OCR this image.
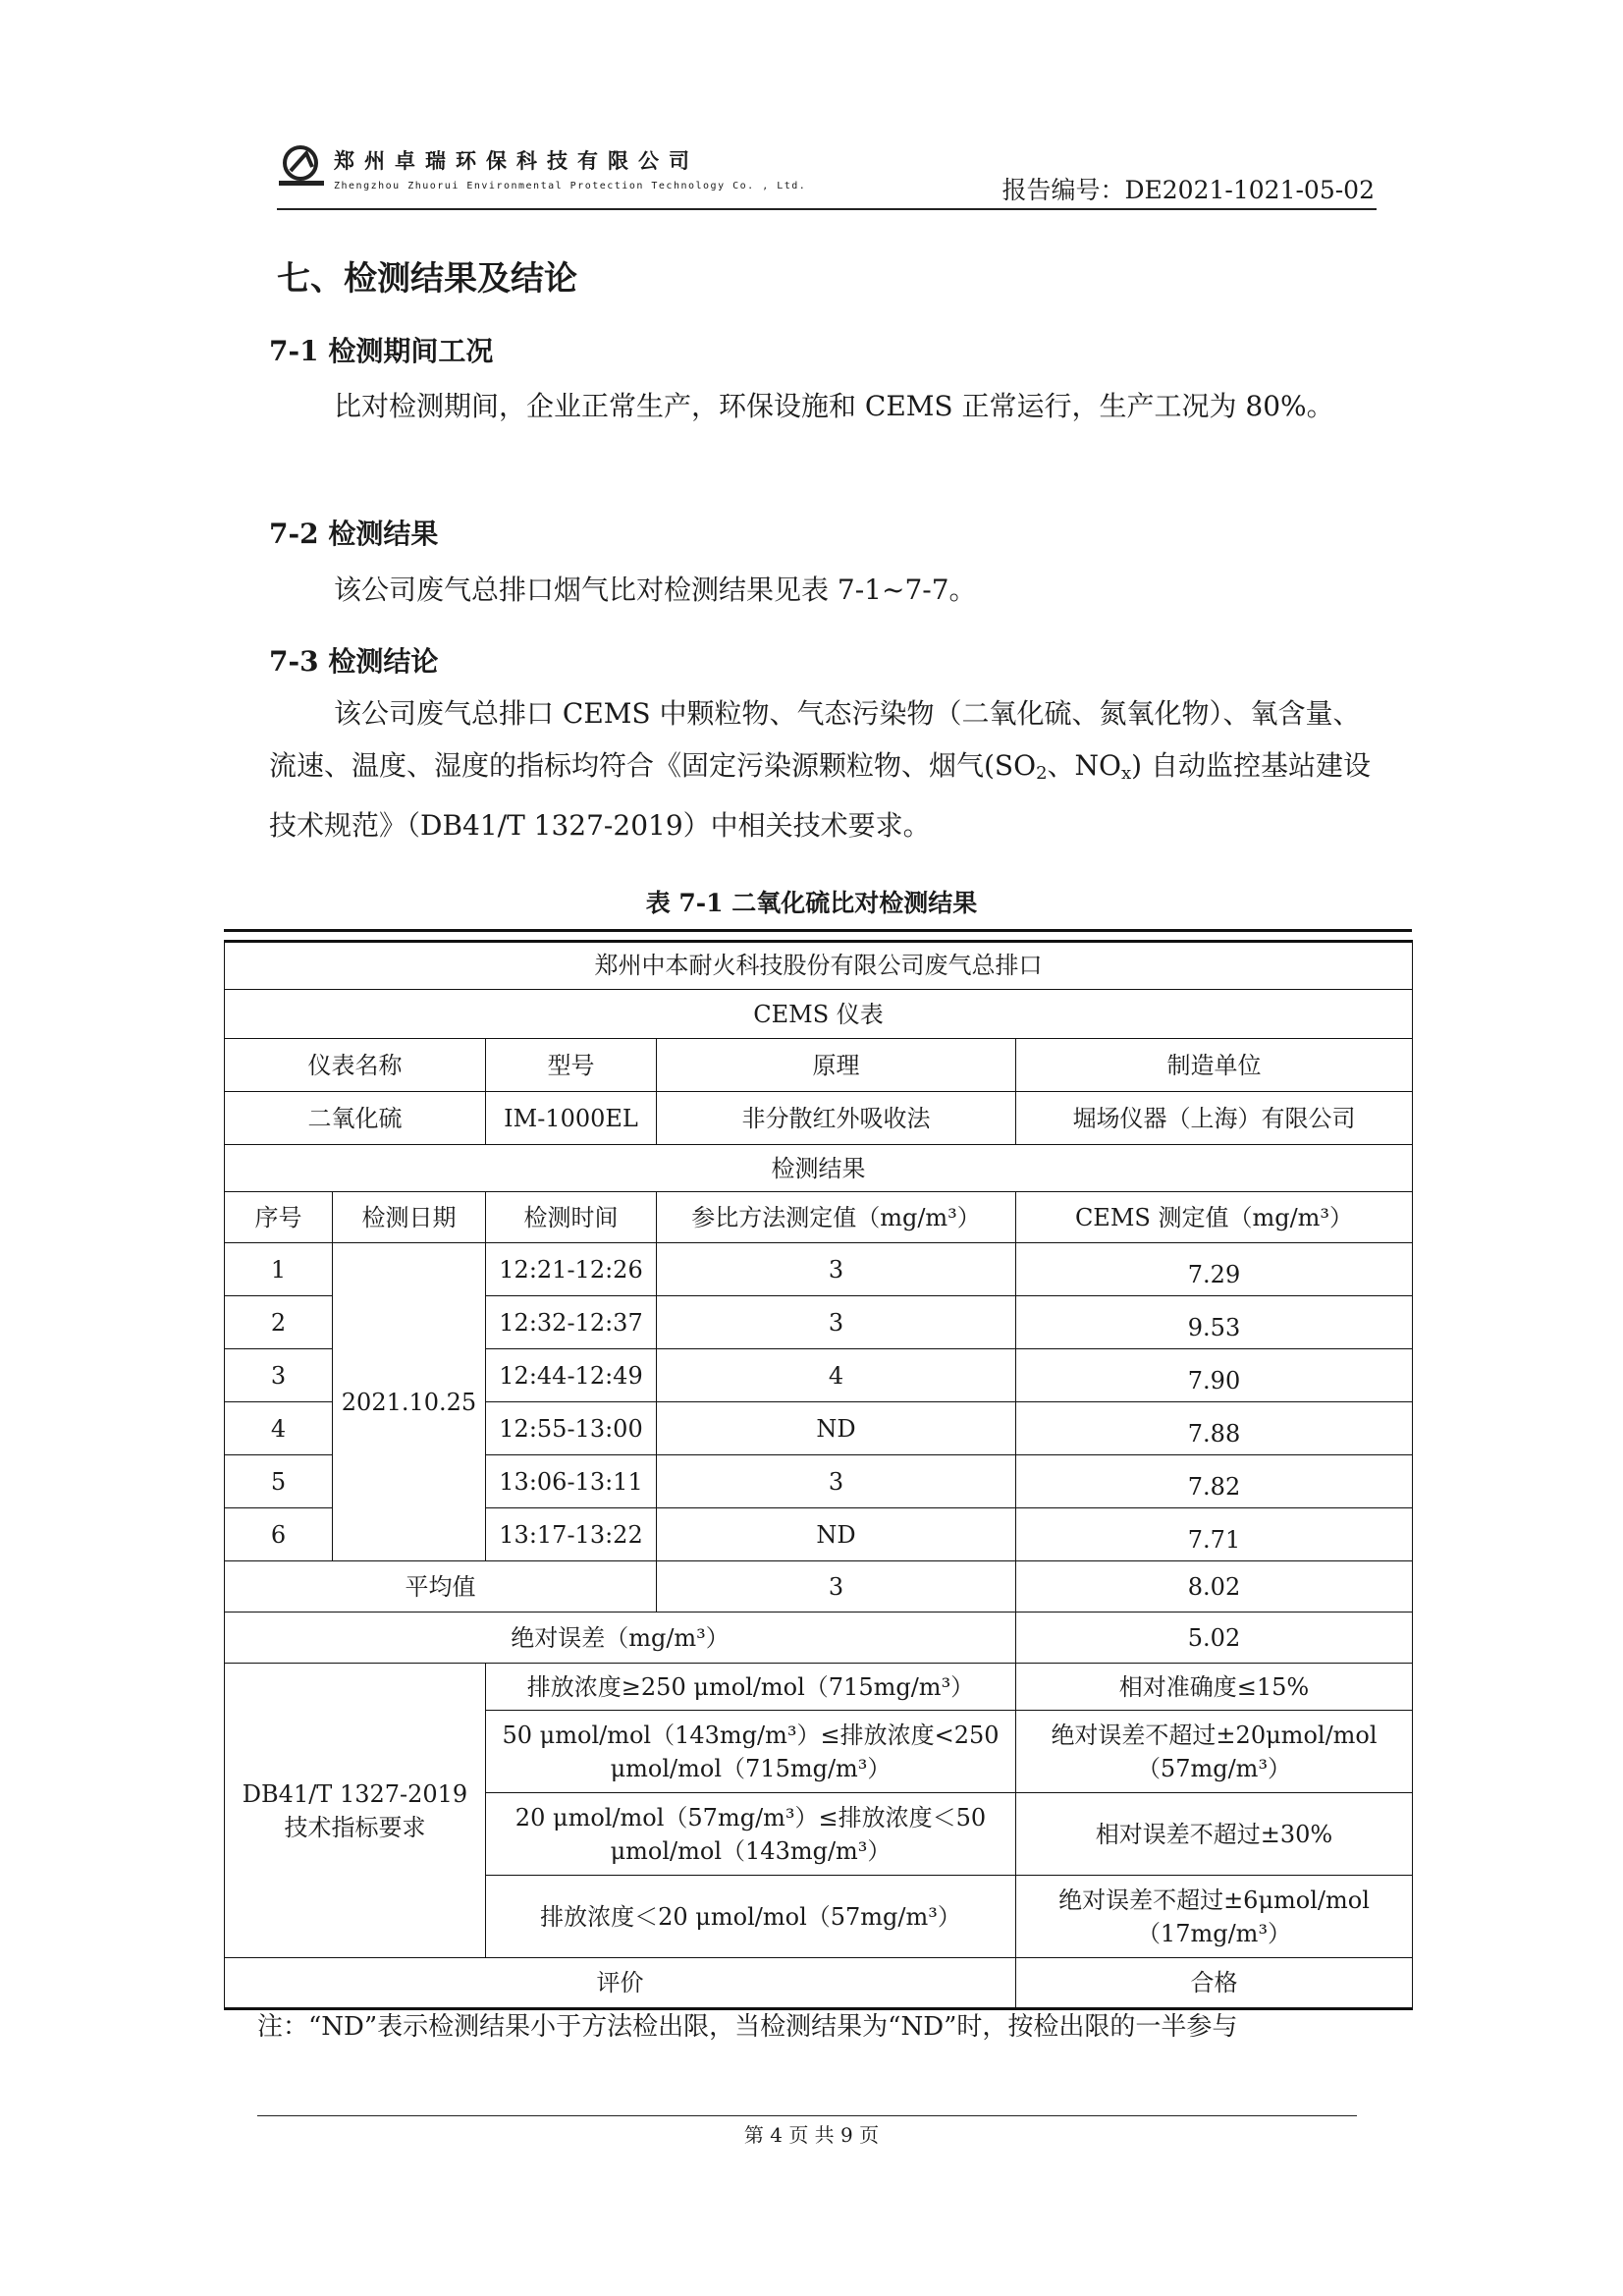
郑州卓瑞环保科技有限公司
Zhengzhou Zhuorui Environmental Protection Technology Co. , Ltd.	报告编号：DE2021-1021-05-02
七、检测结果及结论
7-1 检测期间工况
比对检测期间，企业正常生产，环保设施和 CEMS 正常运行，生产工况为 80%。
7-2 检测结果
该公司废气总排口烟气比对检测结果见表 7-1~7-7。
7-3 检测结论
该公司废气总排口 CEMS 中颗粒物、气态污染物（二氧化硫、氮氧化物）、氧含量、流速、温度、湿度的指标均符合《固定污染源颗粒物、烟气($SO_2$、$NO_x$) 自动监控基站建设技术规范》（DB41/T 1327-2019）中相关技术要求。
表 7-1 二氧化硫比对检测结果
郑州中本耐火科技股份有限公司废气总排口				
CEMS 仪表				
仪表名称		型号	原理	制造单位
二氧化硫		IM-1000EL	非分散红外吸收法	堀场仪器（上海）有限公司
检测结果				
序号	检测日期	检测时间	参比方法测定值（mg/m³）	CEMS 测定值（mg/m³）
1	2021.10.25	12:21-12:26	3	7.29
2		12:32-12:37	3	9.53
3		12:44-12:49	4	7.90
4		12:55-13:00	ND	7.88
5		13:06-13:11	3	7.82
6		13:17-13:22	ND	7.71
平均值			3	8.02
绝对误差（mg/m³）				5.02

DB41/T 1327-2019
技术指标要求		排放浓度≥250 μmol/mol（715mg/m³）		相对准确度≤15%
		50 μmol/mol（143mg/m³）≤排放浓度<250 μmol/mol（715mg/m³）		绝对误差不超过±20μmol/mol（57mg/m³）
		20 μmol/mol（57mg/m³）≤排放浓度＜50 μmol/mol（143mg/m³）		相对误差不超过±30%
		排放浓度＜20 μmol/mol（57mg/m³）		绝对误差不超过±6μmol/mol（17mg/m³）
评价				合格
注：“ND”表示检测结果小于方法检出限，当检测结果为“ND”时，按检出限的一半参与
第 4 页 共 9 页
